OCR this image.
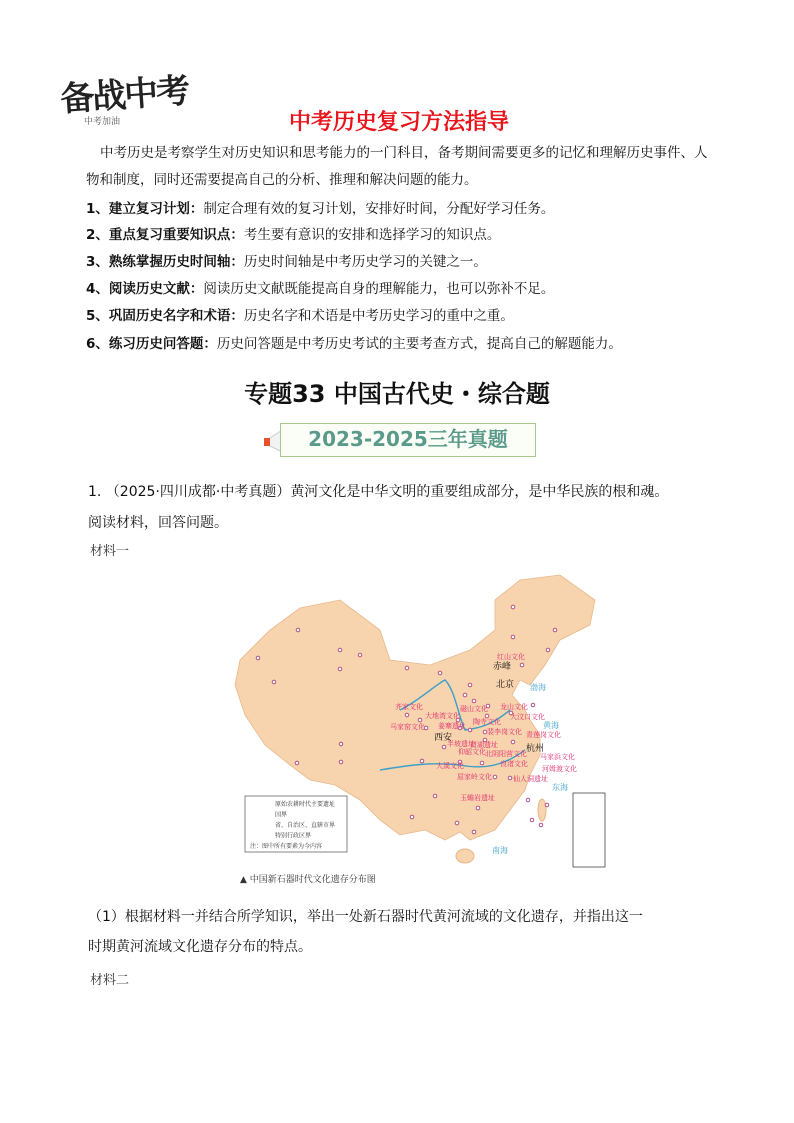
备战中考
中考加油	中考历史复习方法指导
中考历史是考察学生对历史知识和思考能力的一门科目，备考期间需要更多的记忆和理解历史事件、人物和制度，同时还需要提高自己的分析、推理和解决问题的能力。
1、建立复习计划：制定合理有效的复习计划，安排好时间，分配好学习任务。
2、重点复习重要知识点：考生要有意识的安排和选择学习的知识点。
3、熟练掌握历史时间轴：历史时间轴是中考历史学习的关键之一。
4、阅读历史文献：阅读历史文献既能提高自身的理解能力，也可以弥补不足。
5、巩固历史名字和术语：历史名字和术语是中考历史学习的重中之重。
6、练习历史问答题：历史问答题是中考历史考试的主要考查方式，提高自己的解题能力。
专题33 中国古代史・综合题
2023-2025三年真题
1. （2025·四川成都·中考真题）黄河文化是中华文明的重要组成部分，是中华民族的根和魂。
阅读材料，回答问题。
材料一
赤峰
北京
西安
杭州
红山文化
齐家文化
大地湾文化
马家窑文化 姜寨遗址
磁山文化 龙山文化
大汶口文化
陶寺文化
裴李岗文化 青莲岗文化
半坡遗址
贾湖遗址
仰韶文化 北阴阳营文化 马家浜文化
大溪文化	良渚文化
河姆渡文化
屈家岭文化	仙人洞遗址
玉蟾岩遗址
渤海
黄海
东海
南海
原始农耕时代主要遗址
国界
省、自治区、直辖市界
特别行政区界
注：图中所有要素为今内容
▲ 中国新石器时代文化遗存分布图
（1）根据材料一并结合所学知识，举出一处新石器时代黄河流域的文化遗存，并指出这一
时期黄河流域文化遗存分布的特点。
材料二
